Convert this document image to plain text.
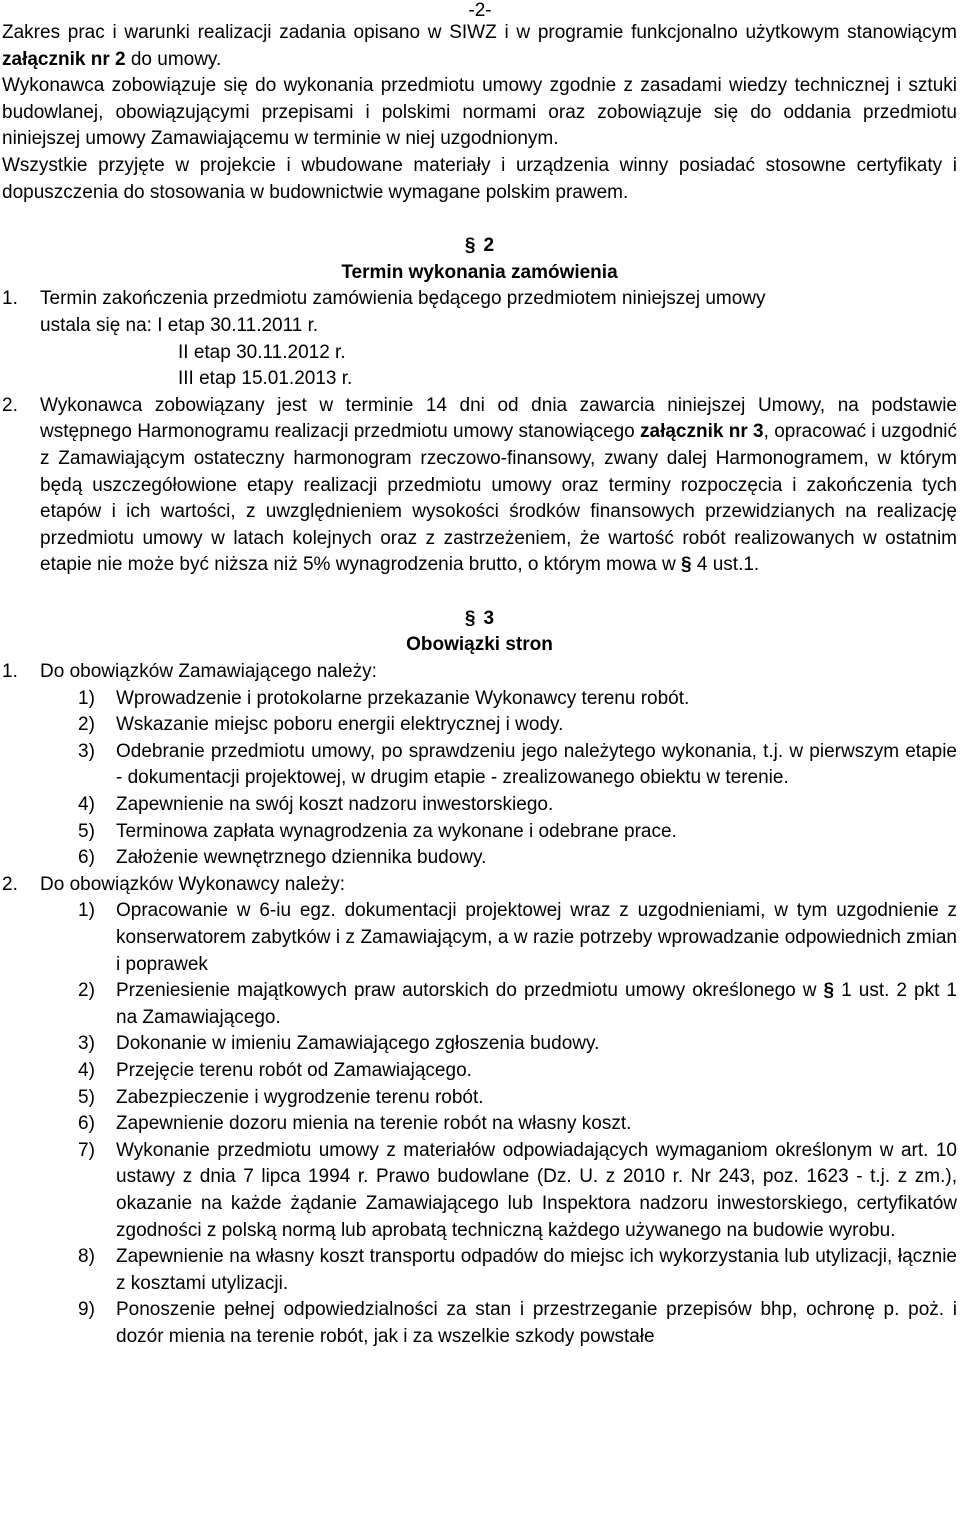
-2-

Zakres prac i warunki realizacji zadania opisano w SIWZ i w programie funkcjonalno użytkowym stanowiącym załącznik nr 2 do umowy.

Wykonawca zobowiązuje się do wykonania przedmiotu umowy zgodnie z zasadami wiedzy technicznej i sztuki budowlanej, obowiązującymi przepisami i polskimi normami oraz zobowiązuje się do oddania przedmiotu niniejszej umowy Zamawiającemu w terminie w niej uzgodnionym.

Wszystkie przyjęte w projekcie i wbudowane materiały i urządzenia winny posiadać stosowne certyfikaty i dopuszczenia do stosowania w budownictwie wymagane polskim prawem.

§ 2
Termin wykonania zamówienia
1.	Termin zakończenia przedmiotu zamówienia będącego przedmiotem niniejszej umowy
ustala się na: I etap 30.11.2011 r.
II etap 30.11.2012 r.
III etap 15.01.2013 r.
2.	Wykonawca zobowiązany jest w terminie 14 dni od dnia zawarcia niniejszej Umowy, na podstawie wstępnego Harmonogramu realizacji przedmiotu umowy stanowiącego załącznik nr 3, opracować i uzgodnić z Zamawiającym ostateczny harmonogram rzeczowo-finansowy, zwany dalej Harmonogramem, w którym będą uszczegółowione etapy realizacji przedmiotu umowy oraz terminy rozpoczęcia i zakończenia tych etapów i ich wartości, z uwzględnieniem wysokości środków finansowych przewidzianych na realizację przedmiotu umowy w latach kolejnych oraz z zastrzeżeniem, że wartość robót realizowanych w ostatnim etapie nie może być niższa niż 5% wynagrodzenia brutto, o którym mowa w § 4 ust.1.
§ 3
Obowiązki stron
1.	Do obowiązków Zamawiającego należy:
1)	Wprowadzenie i protokolarne przekazanie Wykonawcy terenu robót.
2)	Wskazanie miejsc poboru energii elektrycznej i wody.
3)	Odebranie przedmiotu umowy, po sprawdzeniu jego należytego wykonania, t.j. w pierwszym etapie - dokumentacji projektowej, w drugim etapie - zrealizowanego obiektu w terenie.
4)	Zapewnienie na swój koszt nadzoru inwestorskiego.
5)	Terminowa zapłata wynagrodzenia za wykonane i odebrane prace.
6)	Założenie wewnętrznego dziennika budowy.
2.	Do obowiązków Wykonawcy należy:
1)	Opracowanie w 6-iu egz. dokumentacji projektowej wraz z uzgodnieniami, w tym uzgodnienie z konserwatorem zabytków i z Zamawiającym, a w razie potrzeby wprowadzanie odpowiednich zmian i poprawek
2)	Przeniesienie majątkowych praw autorskich do przedmiotu umowy określonego w § 1 ust. 2 pkt 1 na Zamawiającego.
3)	Dokonanie w imieniu Zamawiającego zgłoszenia budowy.
4)	Przejęcie terenu robót od Zamawiającego.
5)	Zabezpieczenie i wygrodzenie terenu robót.
6)	Zapewnienie dozoru mienia na terenie robót na własny koszt.
7)	Wykonanie przedmiotu umowy z materiałów odpowiadających wymaganiom określonym w art. 10 ustawy z dnia 7 lipca 1994 r. Prawo budowlane (Dz. U. z 2010 r. Nr 243, poz. 1623 - t.j. z zm.), okazanie na każde żądanie Zamawiającego lub Inspektora nadzoru inwestorskiego, certyfikatów zgodności z polską normą lub aprobatą techniczną każdego używanego na budowie wyrobu.
8)	Zapewnienie na własny koszt transportu odpadów do miejsc ich wykorzystania lub utylizacji, łącznie z kosztami utylizacji.
9)	Ponoszenie pełnej odpowiedzialności za stan i przestrzeganie przepisów bhp, ochronę p. poż. i dozór mienia na terenie robót, jak i za wszelkie szkody powstałe
